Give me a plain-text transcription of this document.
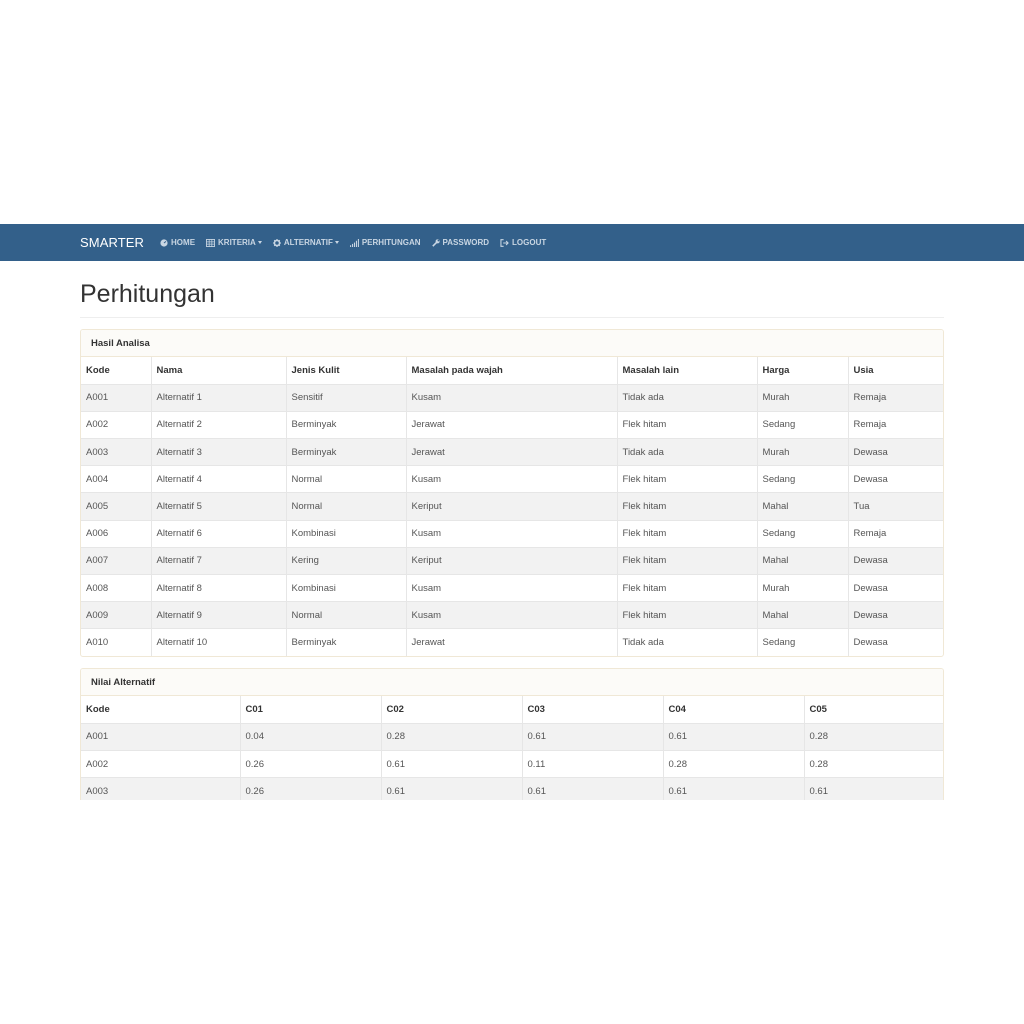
SMARTER	HOME	KRITERIA	ALTERNATIF	PERHITUNGAN	PASSWORD	LOGOUT
Perhitungan
Hasil Analisa
Kode	Nama	Jenis Kulit	Masalah pada wajah	Masalah lain	Harga	Usia
A001	Alternatif 1	Sensitif	Kusam	Tidak ada	Murah	Remaja
A002	Alternatif 2	Berminyak	Jerawat	Flek hitam	Sedang	Remaja
A003	Alternatif 3	Berminyak	Jerawat	Tidak ada	Murah	Dewasa
A004	Alternatif 4	Normal	Kusam	Flek hitam	Sedang	Dewasa
A005	Alternatif 5	Normal	Keriput	Flek hitam	Mahal	Tua
A006	Alternatif 6	Kombinasi	Kusam	Flek hitam	Sedang	Remaja
A007	Alternatif 7	Kering	Keriput	Flek hitam	Mahal	Dewasa
A008	Alternatif 8	Kombinasi	Kusam	Flek hitam	Murah	Dewasa
A009	Alternatif 9	Normal	Kusam	Flek hitam	Mahal	Dewasa
A010	Alternatif 10	Berminyak	Jerawat	Tidak ada	Sedang	Dewasa
Nilai Alternatif
Kode	C01	C02	C03	C04	C05
A001	0.04	0.28	0.61	0.61	0.28
A002	0.26	0.61	0.11	0.28	0.28
A003	0.26	0.61	0.61	0.61	0.61
